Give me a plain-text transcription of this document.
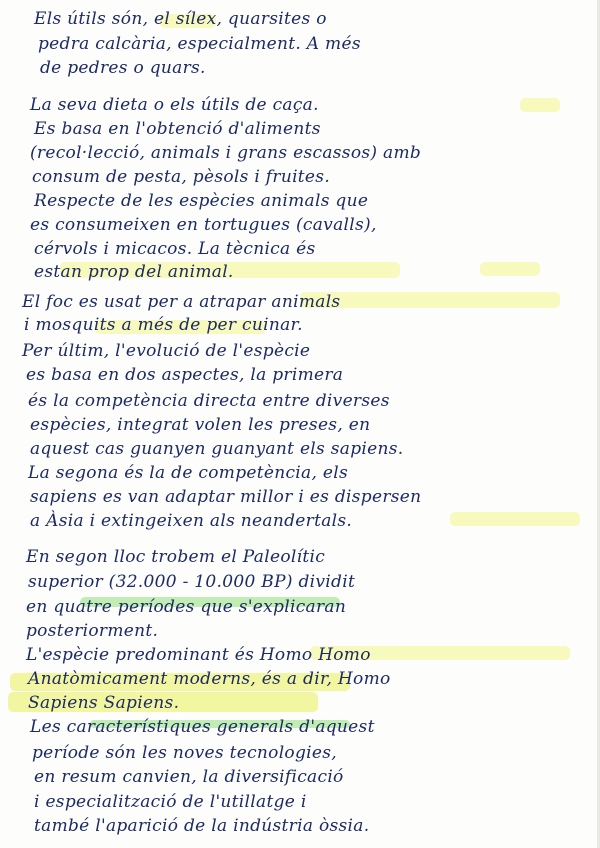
Els útils són, el sílex, quarsites o
pedra calcària, especialment. A més
de pedres o quars.
La seva dieta o els útils de caça.
Es basa en l'obtenció d'aliments
(recol·lecció, animals i grans escassos) amb
consum de pesta, pèsols i fruites.
Respecte de les espècies animals que
es consumeixen en tortugues (cavalls),
cérvols i micacos. La tècnica és
estan prop del animal.
El foc es usat per a atrapar animals
i mosquits a més de per cuinar.
Per últim, l'evolució de l'espècie
es basa en dos aspectes, la primera
és la competència directa entre diverses
espècies, integrat volen les preses, en
aquest cas guanyen guanyant els sapiens.
La segona és la de competència, els
sapiens es van adaptar millor i es dispersen
a Àsia i extingeixen als neandertals.
En segon lloc trobem el Paleolític
superior (32.000 - 10.000 BP) dividit
en quatre períodes que s'explicaran
posteriorment.
L'espècie predominant és Homo Homo
Anatòmicament moderns, és a dir, Homo
Sapiens Sapiens.
Les característiques generals d'aquest
període són les noves tecnologies,
en resum canvien, la diversificació
i especialització de l'utillatge i
també l'aparició de la indústria òssia.
